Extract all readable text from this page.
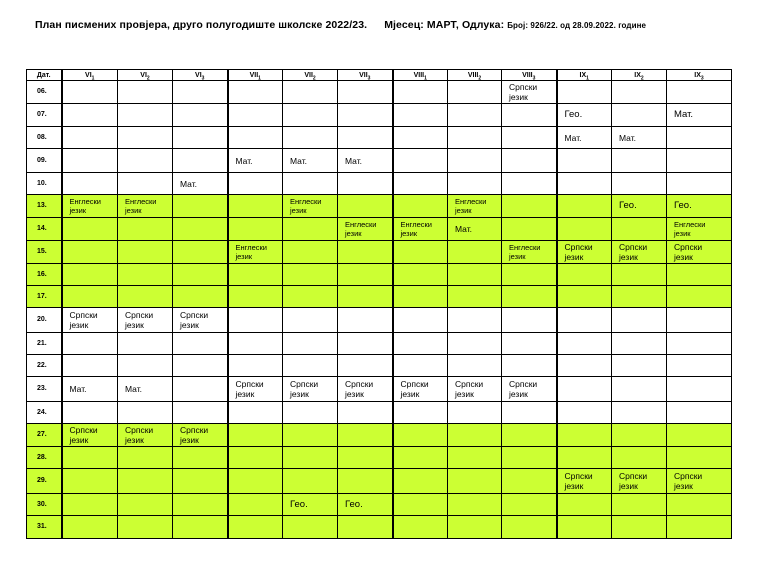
План писмених провјера, друго полугодиште школске 2022/23. Мјесец: МАРТ, Одлука: Број: 926/22. од 28.09.2022. године
Дат.	$VI_1$	$VI_2$	$VI_3$	$VII_1$	$VII_2$	$VII_3$	$VIII_1$	$VIII_2$	$VIII_3$	$IX_1$	$IX_2$	$IX_3$
06.									Српски
језик			

07.										Гео.		Мат.

08.										Мат.	Мат.	

09.				Мат.	Мат.	Мат.						

10.			Мат.									

13.	Енглески
језик	Енглески
језик			Енглески
језик			Енглески
језик			Гео.	Гео.

14.						Енглески
језик	Енглески
језик	Мат.				Енглески
језик

15.				Енглески
језик					Енглески
језик	Српски
језик	Српски
језик	Српски
језик

16.	

17.	

20.	Српски
језик	Српски
језик	Српски
језик									

21.	

22.	

23.	Мат.	Мат.		Српски
језик	Српски
језик	Српски
језик	Српски
језик	Српски
језик	Српски
језик			

24.	

27.	Српски
језик	Српски
језик	Српски
језик									

28.	

29.										Српски
језик	Српски
језик	Српски
језик

30.					Гео.	Гео.						

31.	
